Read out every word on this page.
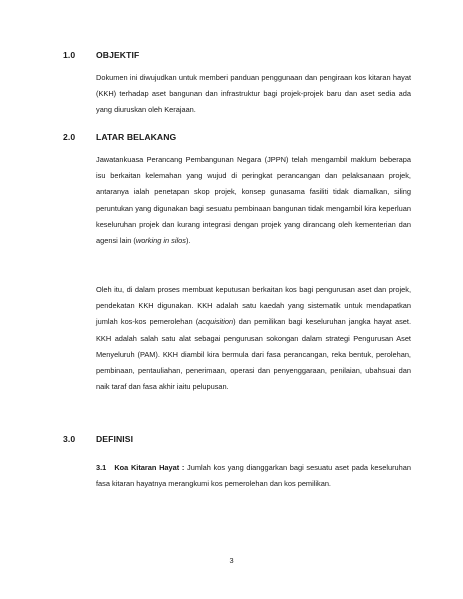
1.0 OBJEKTIF

Dokumen ini diwujudkan untuk memberi panduan penggunaan dan pengiraan kos kitaran hayat (KKH) terhadap aset bangunan dan infrastruktur bagi projek-projek baru dan aset sedia ada yang diuruskan oleh Kerajaan.

2.0 LATAR BELAKANG

Jawatankuasa Perancang Pembangunan Negara (JPPN) telah mengambil maklum beberapa isu berkaitan kelemahan yang wujud di peringkat perancangan dan pelaksanaan projek, antaranya ialah penetapan skop projek, konsep gunasama fasiliti tidak diamalkan, siling peruntukan yang digunakan bagi sesuatu pembinaan bangunan tidak mengambil kira keperluan keseluruhan projek dan kurang integrasi dengan projek yang dirancang oleh kementerian dan agensi lain (working in silos).

Oleh itu, di dalam proses membuat keputusan berkaitan kos bagi pengurusan aset dan projek, pendekatan KKH digunakan. KKH adalah satu kaedah yang sistematik untuk mendapatkan jumlah kos-kos pemerolehan (acquisition) dan pemilikan bagi keseluruhan jangka hayat aset. KKH adalah salah satu alat sebagai pengurusan sokongan dalam strategi Pengurusan Aset Menyeluruh (PAM). KKH diambil kira bermula dari fasa perancangan, reka bentuk, perolehan, pembinaan, pentauliahan, penerimaan, operasi dan penyenggaraan, penilaian, ubahsuai dan naik taraf dan fasa akhir iaitu pelupusan.

3.0 DEFINISI

3.1 Koa Kitaran Hayat : Jumlah kos yang dianggarkan bagi sesuatu aset pada keseluruhan fasa kitaran hayatnya merangkumi kos pemerolehan dan kos pemilikan.

3
